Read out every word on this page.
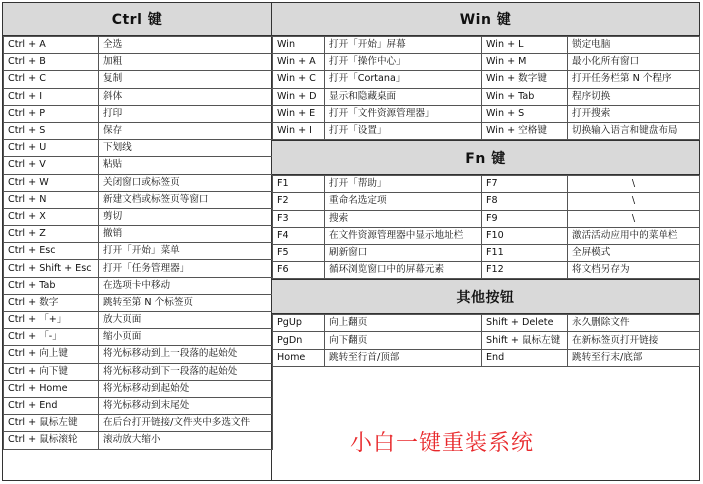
Ctrl 键
Ctrl + A	全选
Ctrl + B	加粗
Ctrl + C	复制
Ctrl + I	斜体
Ctrl + P	打印
Ctrl + S	保存
Ctrl + U	下划线
Ctrl + V	粘贴
Ctrl + W	关闭窗口或标签页
Ctrl + N	新建文档或标签页等窗口
Ctrl + X	剪切
Ctrl + Z	撤销
Ctrl + Esc	打开「开始」菜单
Ctrl + Shift + Esc	打开「任务管理器」
Ctrl + Tab	在选项卡中移动
Ctrl + 数字	跳转至第 N 个标签页
Ctrl + 「+」	放大页面
Ctrl + 「-」	缩小页面
Ctrl + 向上键	将光标移动到上一段落的起始处
Ctrl + 向下键	将光标移动到下一段落的起始处
Ctrl + Home	将光标移动到起始处
Ctrl + End	将光标移动到末尾处
Ctrl + 鼠标左键	在后台打开链接/文件夹中多选文件
Ctrl + 鼠标滚轮	滚动放大缩小
Win 键
Win	打开「开始」屏幕	Win + L	锁定电脑
Win + A	打开「操作中心」	Win + M	最小化所有窗口
Win + C	打开「Cortana」	Win + 数字键	打开任务栏第 N 个程序
Win + D	显示和隐藏桌面	Win + Tab	程序切换
Win + E	打开「文件资源管理器」	Win + S	打开搜索
Win + I	打开「设置」	Win + 空格键	切换输入语言和键盘布局
Fn 键
F1	打开「帮助」	F7	\
F2	重命名选定项	F8	\
F3	搜索	F9	\
F4	在文件资源管理器中显示地址栏	F10	激活活动应用中的菜单栏
F5	刷新窗口	F11	全屏模式
F6	循环浏览窗口中的屏幕元素	F12	将文档另存为
其他按钮
PgUp	向上翻页	Shift + Delete	永久删除文件
PgDn	向下翻页	Shift + 鼠标左键	在新标签页打开链接
Home	跳转至行首/顶部	End	跳转至行末/底部
小白一键重装系统
